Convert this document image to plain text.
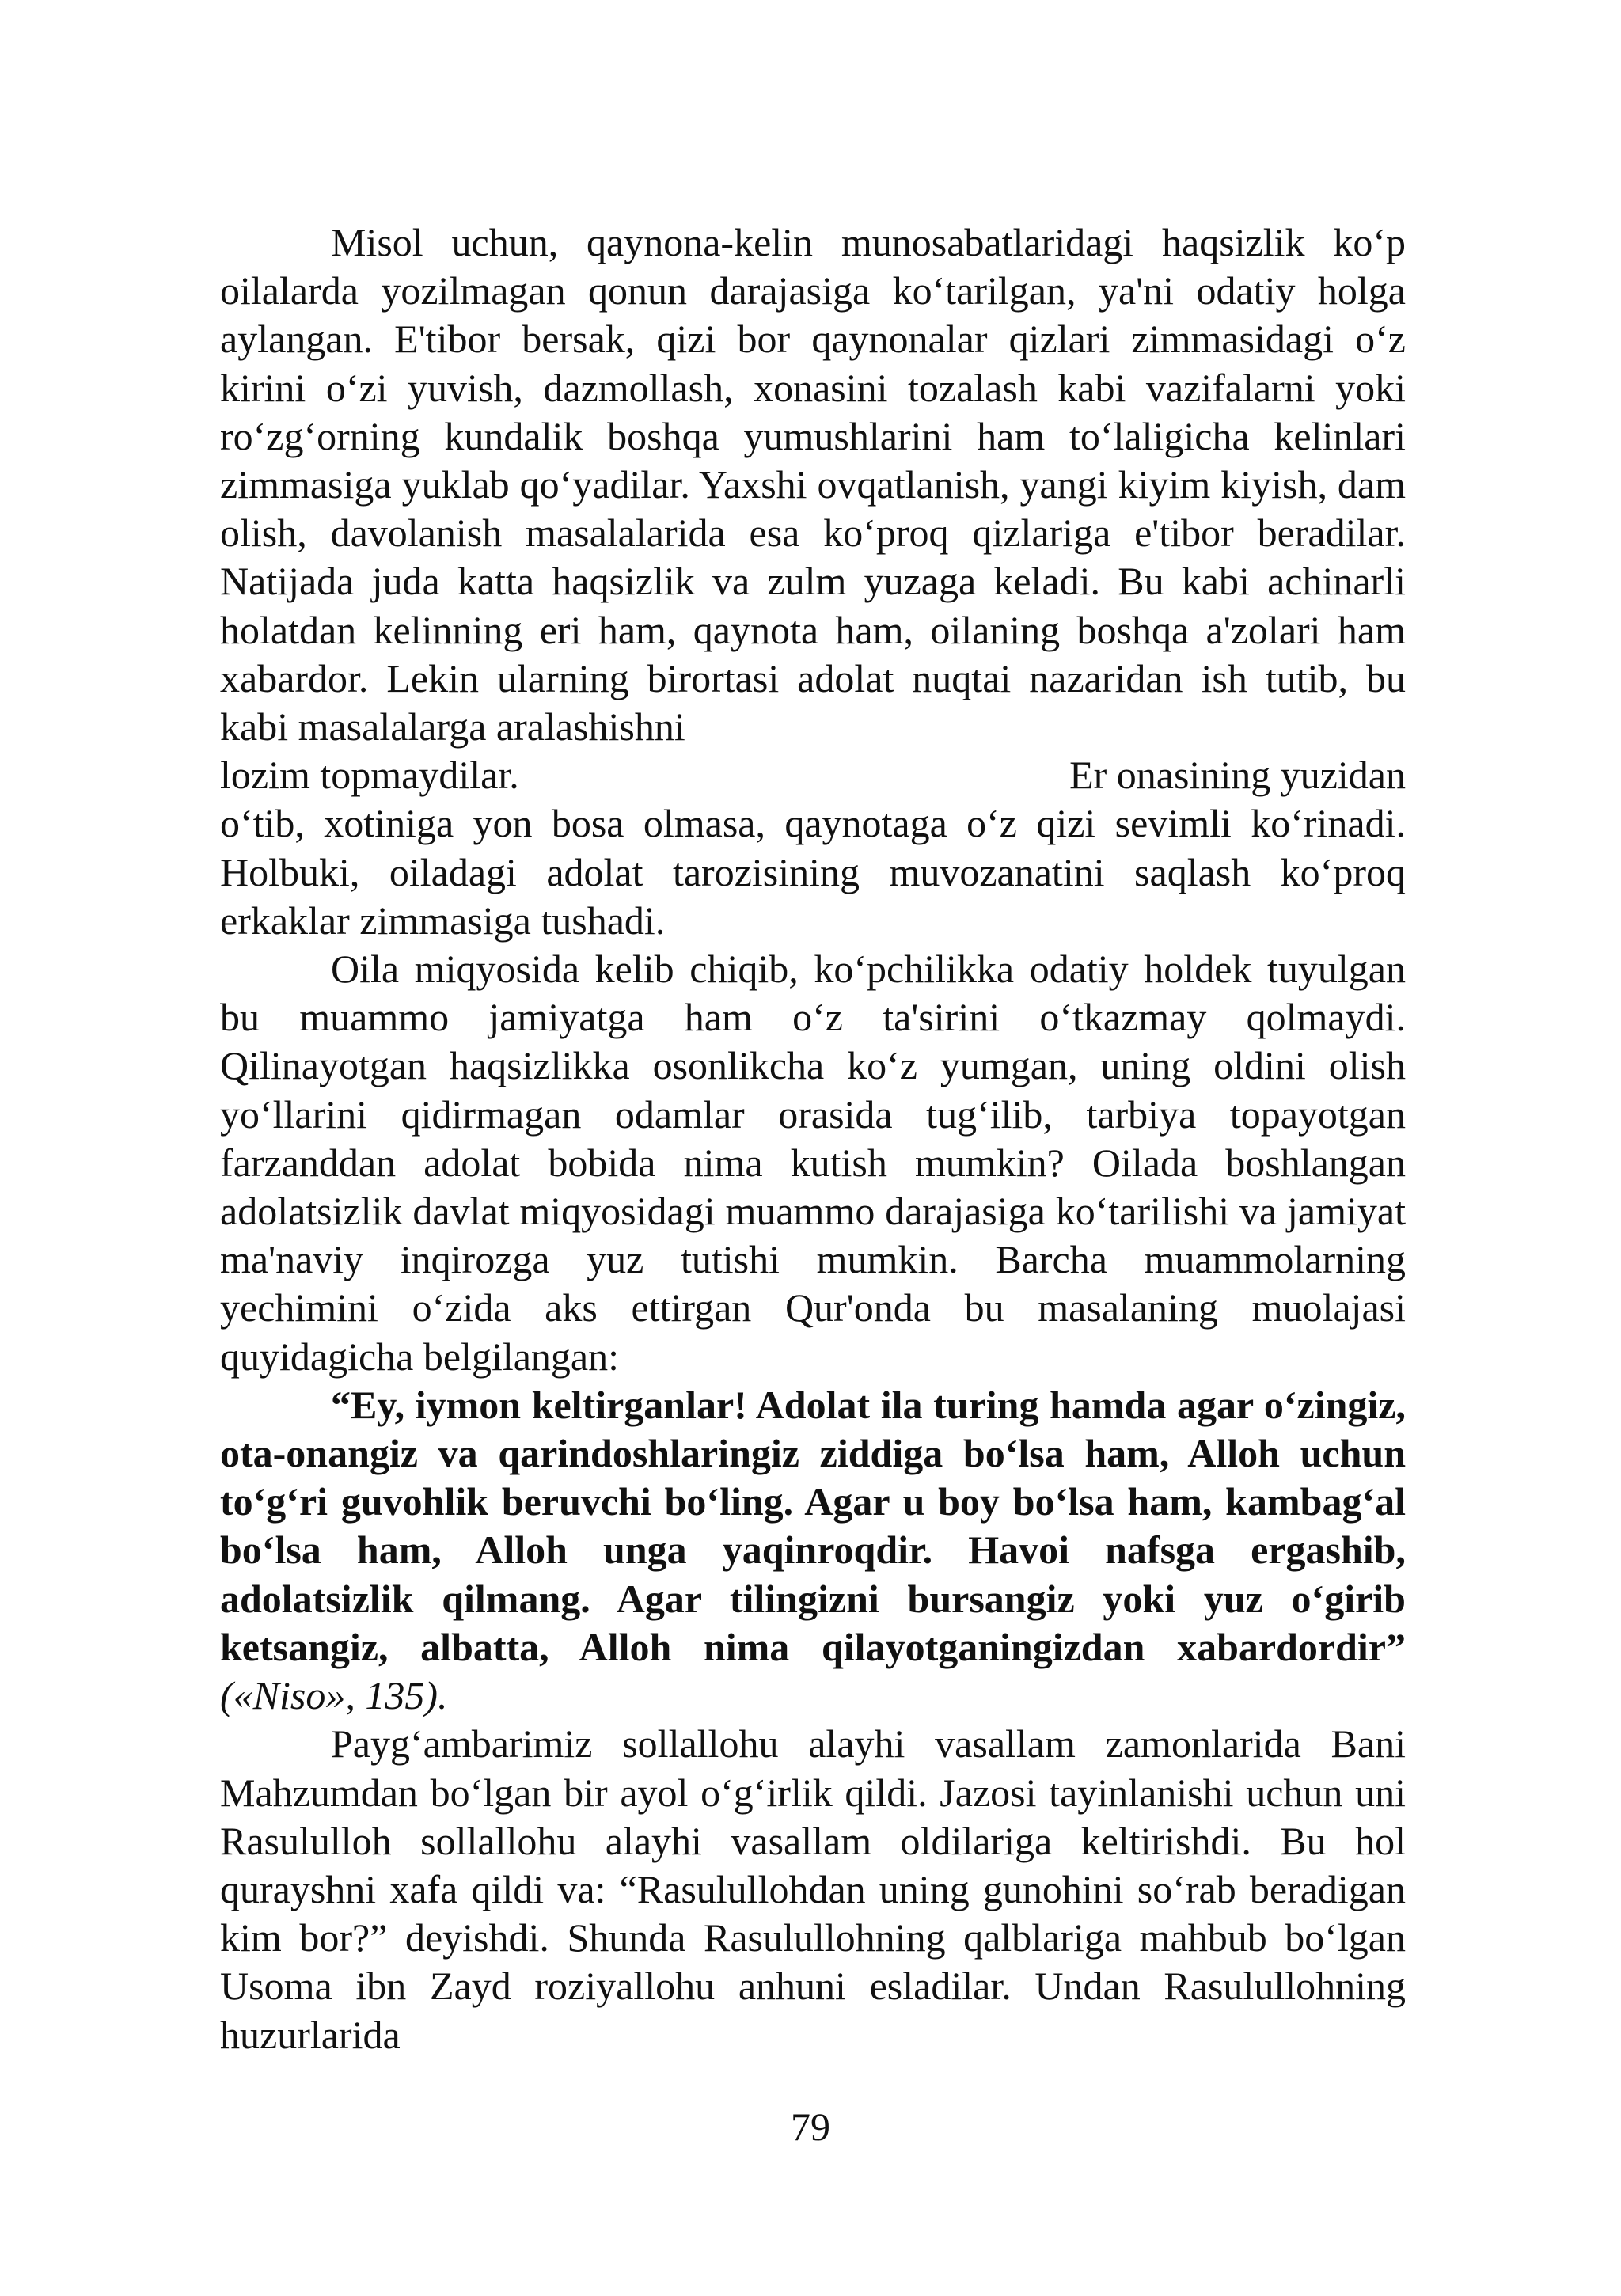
Misol uchun, qaynona-kelin munosabatlaridagi haqsizlik ko‘p oilalarda yozilmagan qonun darajasiga ko‘tarilgan, ya'ni odatiy holga aylangan. E'tibor bersak, qizi bor qaynonalar qizlari zimmasidagi o‘z kirini o‘zi yuvish, dazmollash, xonasini tozalash kabi vazifalarni yoki ro‘zg‘orning kundalik boshqa yumushlarini ham to‘laligicha kelinlari zimmasiga yuklab qo‘yadilar. Yaxshi ovqatlanish, yangi kiyim kiyish, dam olish, davolanish masalalarida esa ko‘proq qizlariga e'tibor beradilar. Natijada juda katta haqsizlik va zulm yuzaga keladi. Bu kabi achinarli holatdan kelinning eri ham, qaynota ham, oilaning boshqa a'zolari ham xabardor. Lekin ularning birortasi adolat nuqtai nazaridan ish tutib, bu kabi masalalarga aralashishni

lozim topmaydilar.	Er onasining yuzidan

o‘tib, xotiniga yon bosa olmasa, qaynotaga o‘z qizi sevimli ko‘rinadi. Holbuki, oiladagi adolat tarozisining muvozanatini saqlash ko‘proq erkaklar zimmasiga tushadi.

Oila miqyosida kelib chiqib, ko‘pchilikka odatiy holdek tuyulgan bu muammo jamiyatga ham o‘z ta'sirini o‘tkazmay qolmaydi. Qilinayotgan haqsizlikka osonlikcha ko‘z yumgan, uning oldini olish yo‘llarini qidirmagan odamlar orasida tug‘ilib, tarbiya topayotgan farzanddan adolat bobida nima kutish mumkin? Oilada boshlangan adolatsizlik davlat miqyosidagi muammo darajasiga ko‘tarilishi va jamiyat ma'naviy inqirozga yuz tutishi mumkin. Barcha muammolarning yechimini o‘zida aks ettirgan Qur'onda bu masalaning muolajasi quyidagicha belgilangan:

“Ey, iymon keltirganlar! Adolat ila turing hamda agar o‘zingiz, ota-onangiz va qarindoshlaringiz ziddiga bo‘lsa ham, Alloh uchun to‘g‘ri guvohlik beruvchi bo‘ling. Agar u boy bo‘lsa ham, kambag‘al bo‘lsa ham, Alloh unga yaqinroqdir. Havoi nafsga ergashib, adolatsizlik qilmang. Agar tilingizni bursangiz yoki yuz o‘girib ketsangiz, albatta, Alloh nima qilayotganingizdan xabardordir” («Niso», 135).

Payg‘ambarimiz sollallohu alayhi vasallam zamonlarida Bani Mahzumdan bo‘lgan bir ayol o‘g‘irlik qildi. Jazosi tayinlanishi uchun uni Rasululloh sollallohu alayhi vasallam oldilariga keltirishdi. Bu hol qurayshni xafa qildi va: “Rasulullohdan uning gunohini so‘rab beradigan kim bor?” deyishdi. Shunda Rasulullohning qalblariga mahbub bo‘lgan Usoma ibn Zayd roziyallohu anhuni esladilar. Undan Rasulullohning huzurlarida

79
